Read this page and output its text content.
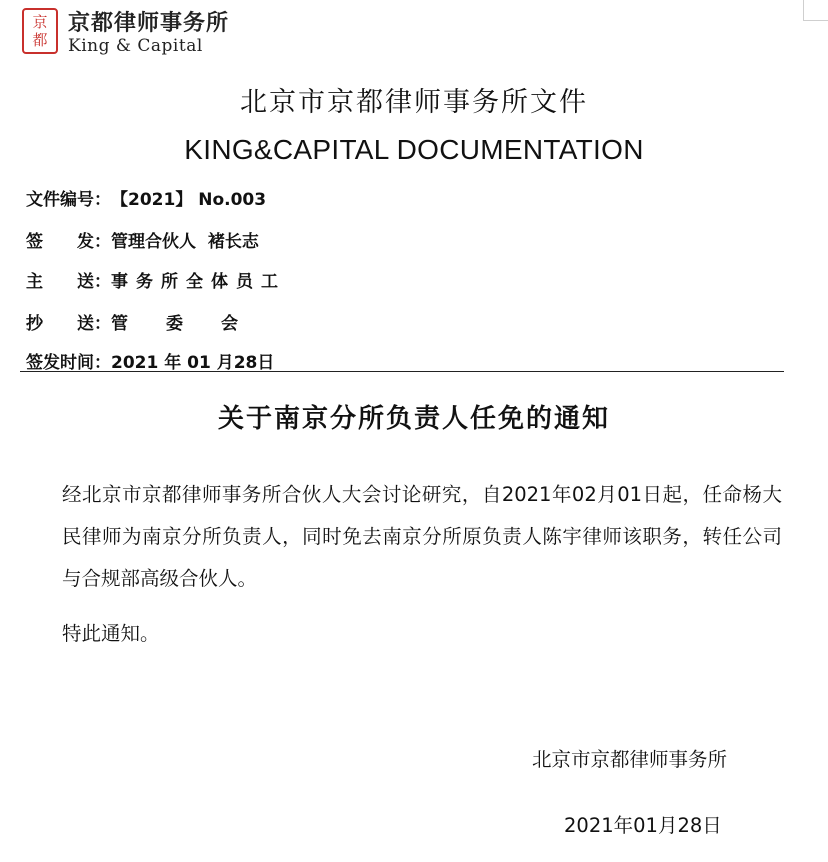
京
都
京都律师事务所
King & Capital
北京市京都律师事务所文件
KING&CAPITAL DOCUMENTATION
文件编号：【2021】 No.003
签 发：管理合伙人  褚长志
主 送：事务所全体员工
抄 送：管 委 会
签发时间：2021 年 01 月28日
关于南京分所负责人任免的通知
经北京市京都律师事务所合伙人大会讨论研究，自2021年02月01日起，任命杨大民律师为南京分所负责人，同时免去南京分所原负责人陈宇律师该职务，转任公司与合规部高级合伙人。
特此通知。
北京市京都律师事务所
2021年01月28日
